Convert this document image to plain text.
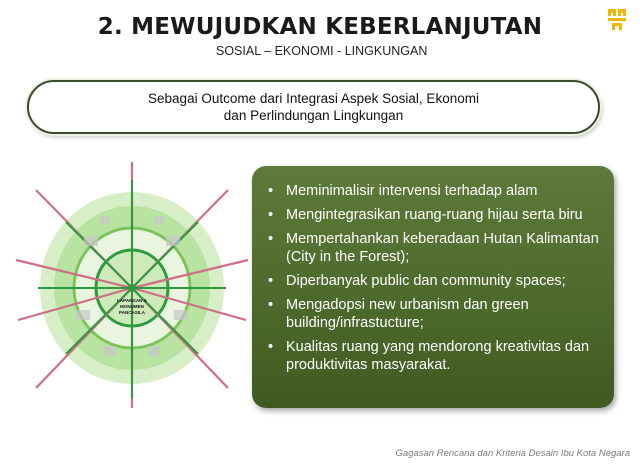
2. MEWUJUDKAN KEBERLANJUTAN
SOSIAL – EKONOMI - LINGKUNGAN
Sebagai Outcome dari Integrasi Aspek Sosial, Ekonomi
dan Perlindungan Lingkungan
LAPANGAN &
MONUMEN
PANCASILA
• Meminimalisir intervensi terhadap alam
• Mengintegrasikan ruang-ruang hijau serta biru
• Mempertahankan keberadaan Hutan Kalimantan (City in the Forest);
• Diperbanyak public dan community spaces;
• Mengadopsi new urbanism dan green building/infrastucture;
• Kualitas ruang yang mendorong kreativitas dan produktivitas masyarakat.
Gagasan Rencana dan Kriteria Desain Ibu Kota Negara
